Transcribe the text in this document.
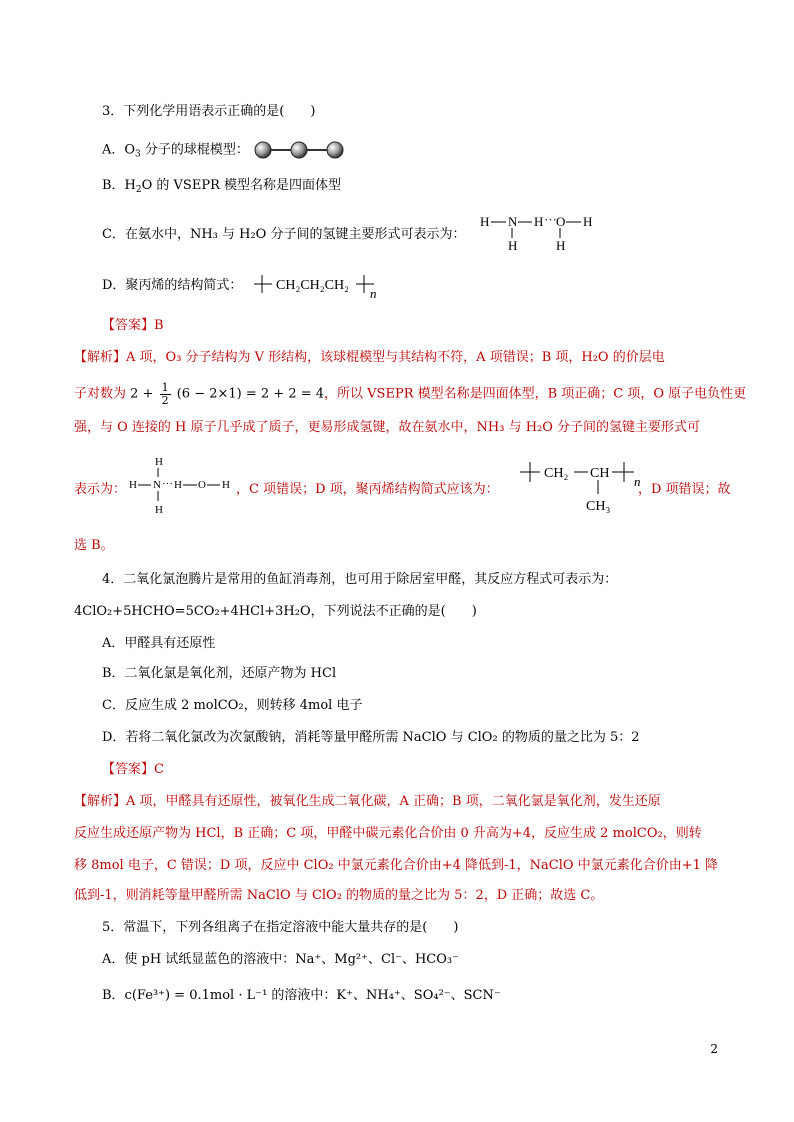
3．下列化学用语表示正确的是(　　)
A．$O_3$ 分子的球棍模型：
B．$H_2O$ 的 VSEPR 模型名称是四面体型
C．在氨水中，NH₃ 与 H₂O 分子间的氢键主要形式可表示为：
H N H ··· O H
H	H
D．聚丙烯的结构简式： CH₂CH₂CH₂
n
【答案】B
【解析】A 项，O₃ 分子结构为 V 形结构，该球棍模型与其结构不符，A 项错误；B 项，H₂O 的价层电
子对数为 $2 + \frac{1}{2} (6 - 2\times 1) = 2 + 2 = 4$，所以 VSEPR 模型名称是四面体型，B 项正确；C 项，O 原子电负性更
强，与 O 连接的 H 原子几乎成了质子，更易形成氢键，故在氨水中，NH₃ 与 H₂O 分子间的氢键主要形式可
表示为：
H
H N ··· H O H
H
，C 项错误；D 项，聚丙烯结构简式应该为：
CH₂ CH
CH₃
n
，D 项错误；故
选 B。
4．二氧化氯泡腾片是常用的鱼缸消毒剂，也可用于除居室甲醛，其反应方程式可表示为：
4ClO₂+5HCHO=5CO₂+4HCl+3H₂O，下列说法不正确的是(　　)
A．甲醛具有还原性
B．二氧化氯是氧化剂，还原产物为 HCl
C．反应生成 2 molCO₂，则转移 4mol 电子
D．若将二氧化氯改为次氯酸钠，消耗等量甲醛所需 NaClO 与 ClO₂ 的物质的量之比为 5：2
【答案】C
【解析】A 项，甲醛具有还原性，被氧化生成二氧化碳，A 正确；B 项，二氧化氯是氧化剂，发生还原
反应生成还原产物为 HCl，B 正确；C 项，甲醛中碳元素化合价由 0 升高为+4，反应生成 2 molCO₂，则转
移 8mol 电子，C 错误；D 项，反应中 ClO₂ 中氯元素化合价由+4 降低到-1，NaClO 中氯元素化合价由+1 降
低到-1，则消耗等量甲醛所需 NaClO 与 ClO₂ 的物质的量之比为 5：2，D 正确；故选 C。
5．常温下，下列各组离子在指定溶液中能大量共存的是(　　)
A．使 pH 试纸显蓝色的溶液中：Na⁺、Mg²⁺、Cl⁻、HCO₃⁻
B．c(Fe³⁺) = 0.1mol · L⁻¹ 的溶液中：K⁺、NH₄⁺、SO₄²⁻、SCN⁻
2
